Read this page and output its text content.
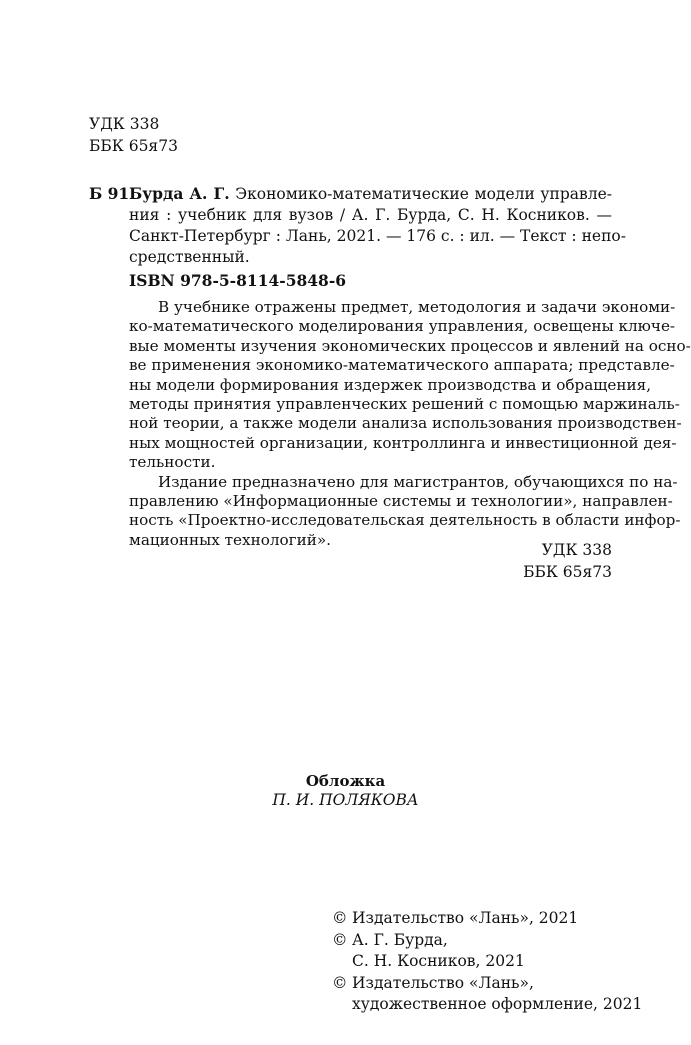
УДК 338
ББК 65я73
Б 91 Бурда А. Г. Экономико-математические модели управле-
ния : учебник для вузов / А. Г. Бурда, С. Н. Косников. —
Санкт-Петербург : Лань, 2021. — 176 с. : ил. — Текст : непо-
средственный.
ISBN 978-5-8114-5848-6
В учебнике отражены предмет, методология и задачи экономи-
ко-математического моделирования управления, освещены ключе-
вые моменты изучения экономических процессов и явлений на осно-
ве применения экономико-математического аппарата; представле-
ны модели формирования издержек производства и обращения,
методы принятия управленческих решений с помощью маржиналь-
ной теории, а также модели анализа использования производствен-
ных мощностей организации, контроллинга и инвестиционной дея-
тельности.
Издание предназначено для магистрантов, обучающихся по на-
правлению «Информационные системы и технологии», направлен-
ность «Проектно-исследовательская деятельность в области инфор-
мационных технологий».
УДК 338
ББК 65я73
Обложка
П. И. ПОЛЯКОВА
© Издательство «Лань», 2021
© А. Г. Бурда,
С. Н. Косников, 2021
© Издательство «Лань»,
художественное оформление, 2021
